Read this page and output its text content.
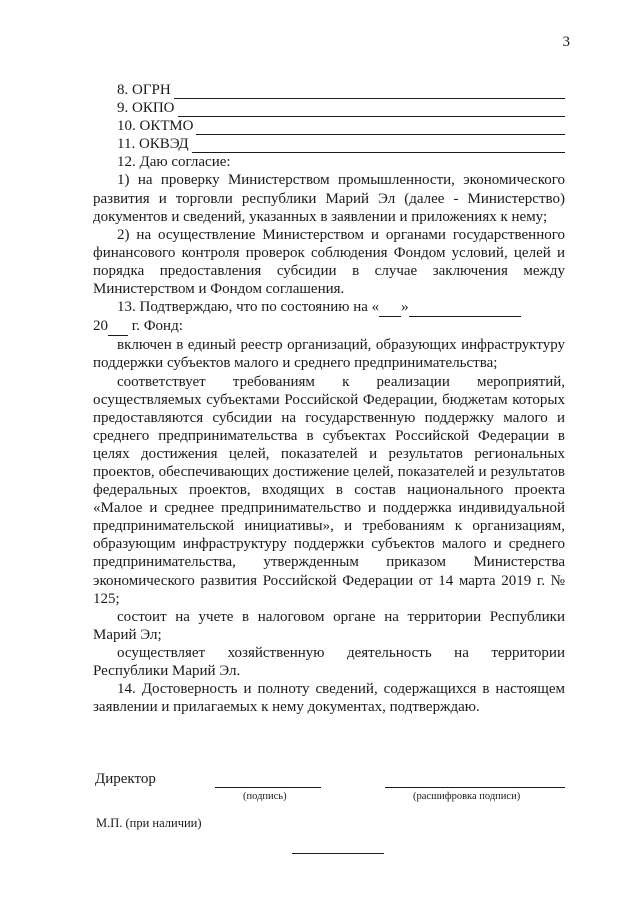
3
8. ОГРН
9. ОКПО
10. ОКТМО
11. ОКВЭД

12. Даю согласие:

1) на проверку Министерством промышленности, экономического развития и торговли республики Марий Эл (далее - Министерство) документов и сведений, указанных в заявлении и приложениях к нему;

2) на осуществление Министерством и органами государственного финансового контроля проверок соблюдения Фондом условий, целей и порядка предоставления субсидии в случае заключения между Министерством и Фондом соглашения.

13. Подтверждаю, что по состоянию на « »

20  г. Фонд:

включен в единый реестр организаций, образующих инфраструктуру поддержки субъектов малого и среднего предпринимательства;

соответствует требованиям к реализации мероприятий, осуществляемых субъектами Российской Федерации, бюджетам которых предоставляются субсидии на государственную поддержку малого и среднего предпринимательства в субъектах Российской Федерации в целях достижения целей, показателей и результатов региональных проектов, обеспечивающих достижение целей, показателей и результатов федеральных проектов, входящих в состав национального проекта «Малое и среднее предпринимательство и поддержка индивидуальной предпринимательской инициативы», и требованиям к организациям, образующим инфраструктуру поддержки субъектов малого и среднего предпринимательства, утвержденным приказом Министерства экономического развития Российской Федерации от 14 марта 2019 г. № 125;

состоит на учете в налоговом органе на территории Республики Марий Эл;

осуществляет хозяйственную деятельность на территории Республики Марий Эл.

14. Достоверность и полноту сведений, содержащихся в настоящем заявлении и прилагаемых к нему документах, подтверждаю.

Директор
(подпись)	(расшифровка подписи)
М.П. (при наличии)
